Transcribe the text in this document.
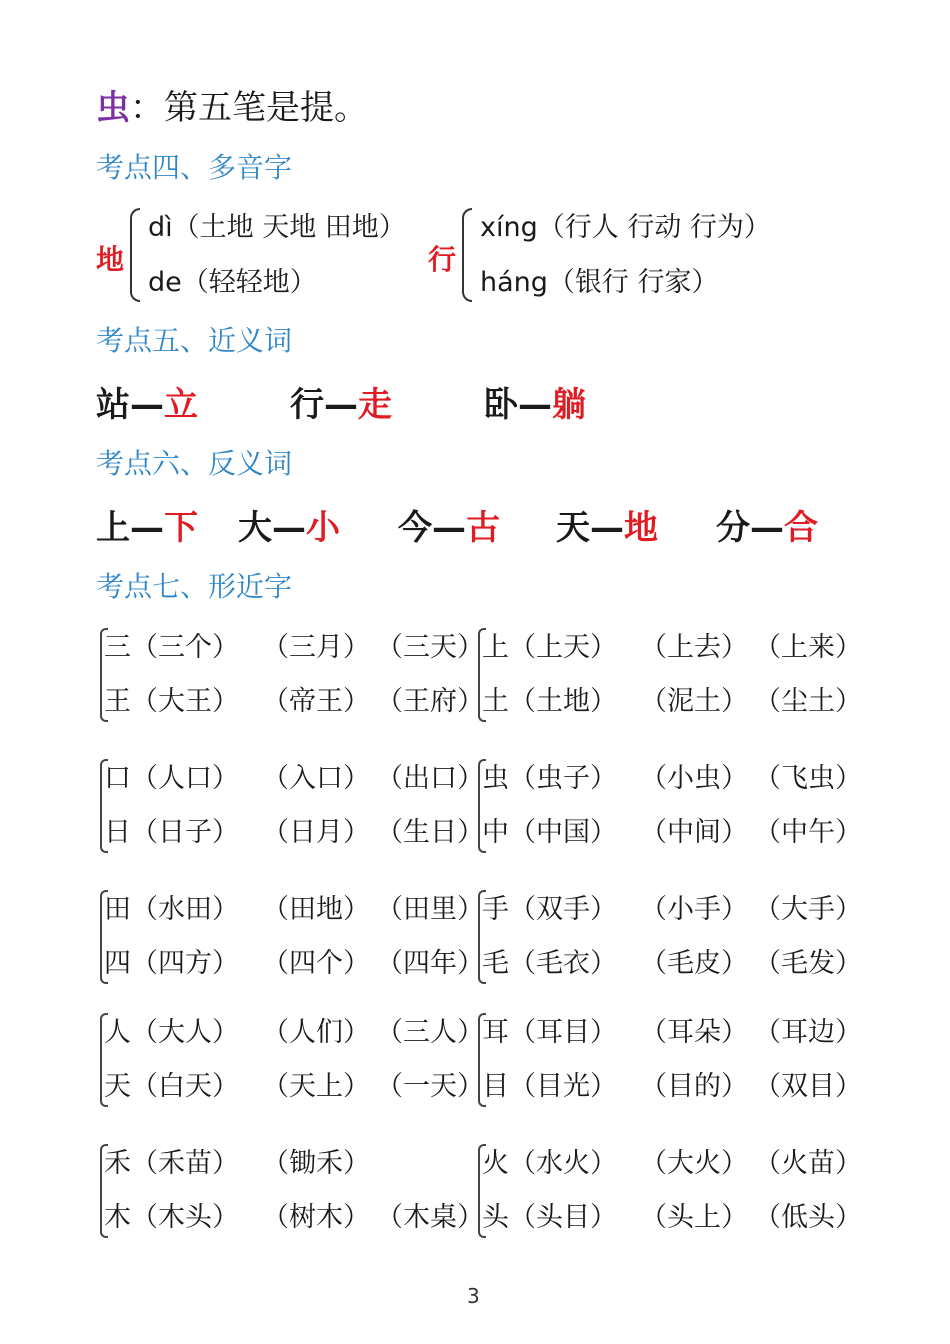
虫：第五笔是提。
考点四、多音字
地
dì（土地 天地 田地）
de（轻轻地）
行
xíng（行人 行动 行为）
háng（银行 行家）
考点五、近义词
站—立	行—走	卧—躺
考点六、反义词
上—下 大—小 今—古 天—地 分—合
考点七、形近字
三（三个） （三月） （三天）
上（上天） （上去） （上来）
王（大王） （帝王） （王府）
土（土地） （泥土） （尘土）
口（人口） （入口） （出口）
虫（虫子） （小虫） （飞虫）
日（日子） （日月） （生日）
中（中国） （中间） （中午）
田（水田） （田地） （田里）
手（双手） （小手） （大手）
四（四方） （四个） （四年）
毛（毛衣） （毛皮） （毛发）
人（大人） （人们） （三人）
耳（耳目） （耳朵） （耳边）
天（白天） （天上） （一天）
目（目光） （目的） （双目）
禾（禾苗） （锄禾）	火（水火） （大火） （火苗）
木（木头） （树木） （木桌）
头（头目） （头上） （低头）
3
